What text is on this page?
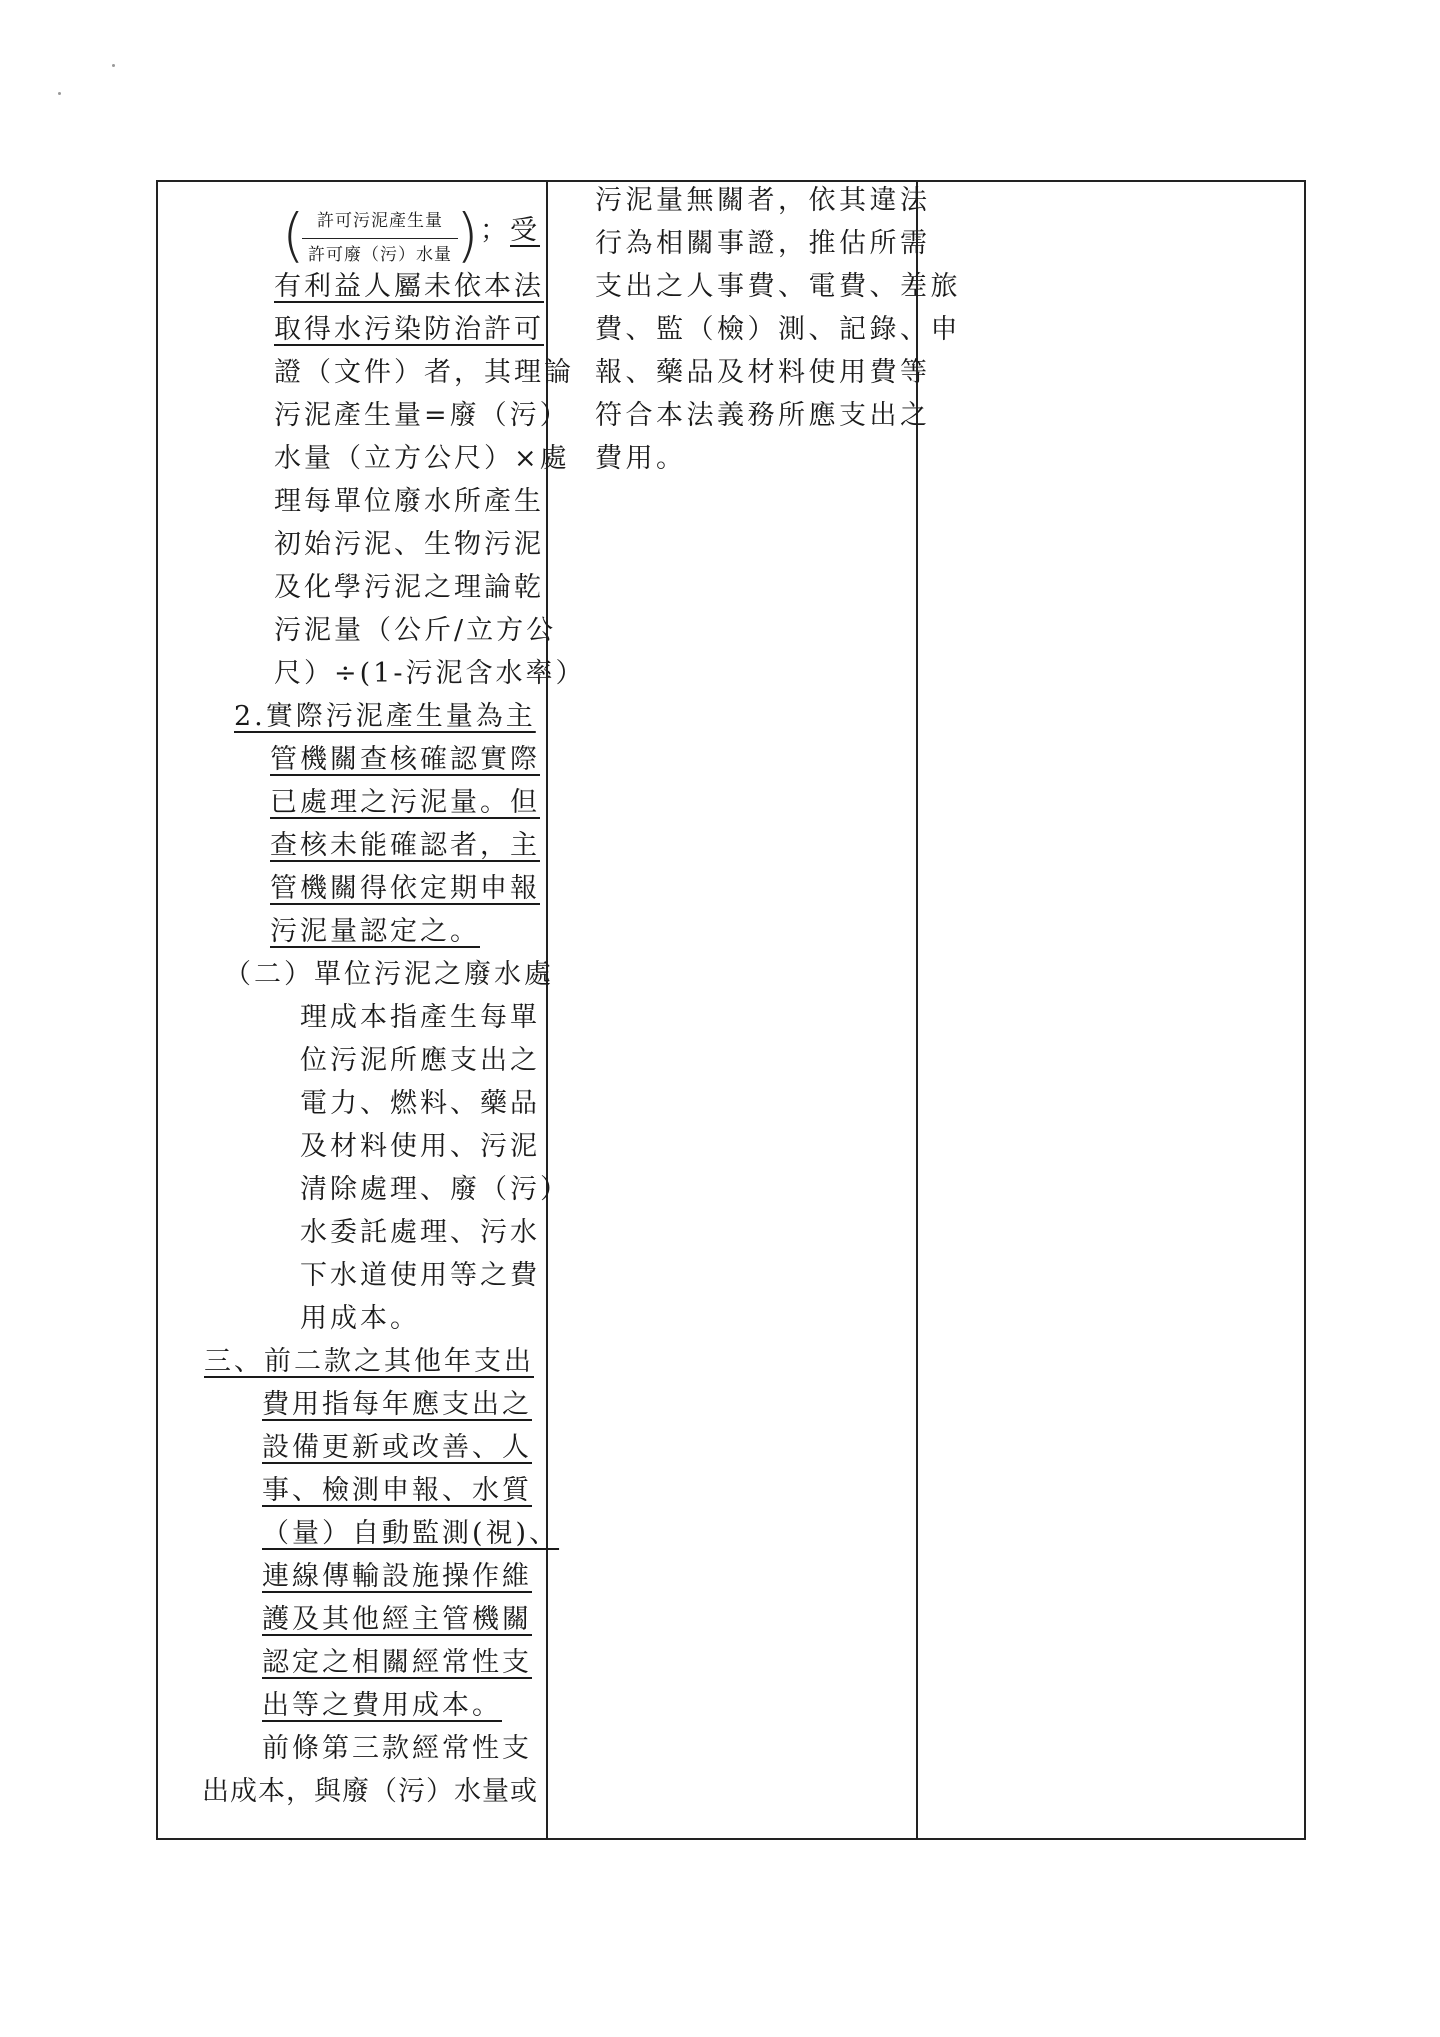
( 許可污泥產生量
許可廢（污）水量 ) ；受
有利益人屬未依本法
取得水污染防治許可
證（文件）者，其理論
污泥產生量=廢（污）
水量（立方公尺）×處
理每單位廢水所產生
初始污泥、生物污泥
及化學污泥之理論乾
污泥量（公斤/立方公
尺）÷(1-污泥含水率）
2.實際污泥產生量為主
管機關查核確認實際
已處理之污泥量。但
查核未能確認者，主
管機關得依定期申報
污泥量認定之。
（二）單位污泥之廢水處
理成本指產生每單
位污泥所應支出之
電力、燃料、藥品
及材料使用、污泥
清除處理、廢（污）
水委託處理、污水
下水道使用等之費
用成本。
三、前二款之其他年支出
費用指每年應支出之
設備更新或改善、人
事、檢測申報、水質
（量）自動監測(視)、
連線傳輸設施操作維
護及其他經主管機關
認定之相關經常性支
出等之費用成本。
前條第三款經常性支
出成本，與廢（污）水量或
污泥量無關者，依其違法
行為相關事證，推估所需
支出之人事費、電費、差旅
費、監（檢）測、記錄、申
報、藥品及材料使用費等
符合本法義務所應支出之
費用。
